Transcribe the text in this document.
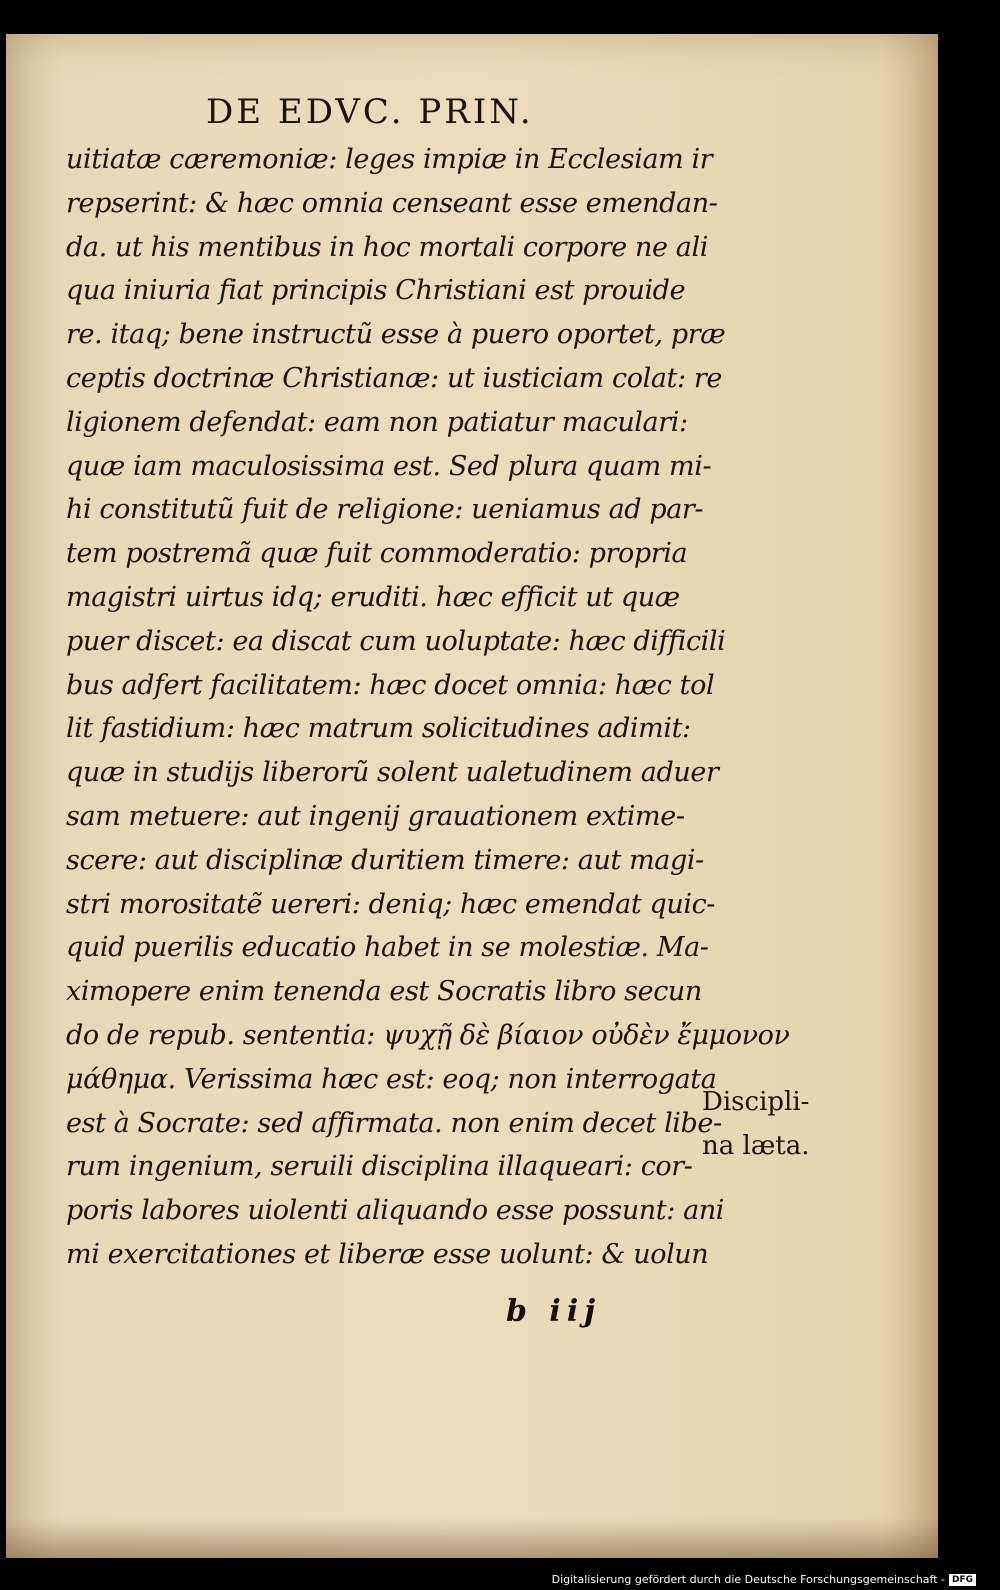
DE EDVC. PRIN.
uitiatæ cæremoniæ: leges impiæ in Ecclesiam ir
repserint: & hæc omnia censeant esse emendan-
da. ut his mentibus in hoc mortali corpore ne ali
qua iniuria fiat principis Christiani est prouide
re. itaq; bene instructũ esse à puero oportet, præ
ceptis doctrinæ Christianæ: ut iusticiam colat: re
ligionem defendat: eam non patiatur maculari:
quæ iam maculosissima est. Sed plura quam mi-
hi constitutũ fuit de religione: ueniamus ad par-
tem postremã quæ fuit commoderatio: propria
magistri uirtus idq; eruditi. hæc efficit ut quæ
puer discet: ea discat cum uoluptate: hæc difficili
bus adfert facilitatem: hæc docet omnia: hæc tol
lit fastidium: hæc matrum solicitudines adimit:
quæ in studijs liberorũ solent ualetudinem aduer
sam metuere: aut ingenij grauationem extime-
scere: aut disciplinæ duritiem timere: aut magi-
stri morositatẽ uereri: deniq; hæc emendat quic-
quid puerilis educatio habet in se molestiæ. Ma-
ximopere enim tenenda est Socratis libro secun
do de repub. sententia: ψυχῇ δὲ βίαιον οὐδὲν ἔμμονον
μάθημα. Verissima hæc est: eoq; non interrogata
est à Socrate: sed affirmata. non enim decet libe-
rum ingenium, seruili disciplina illaqueari: cor-
poris labores uiolenti aliquando esse possunt: ani
mi exercitationes et liberæ esse uolunt: & uolun
Discipli-
na læta.
b iij
Digitalisierung gefördert durch die Deutsche Forschungsgemeinschaft - DFG
